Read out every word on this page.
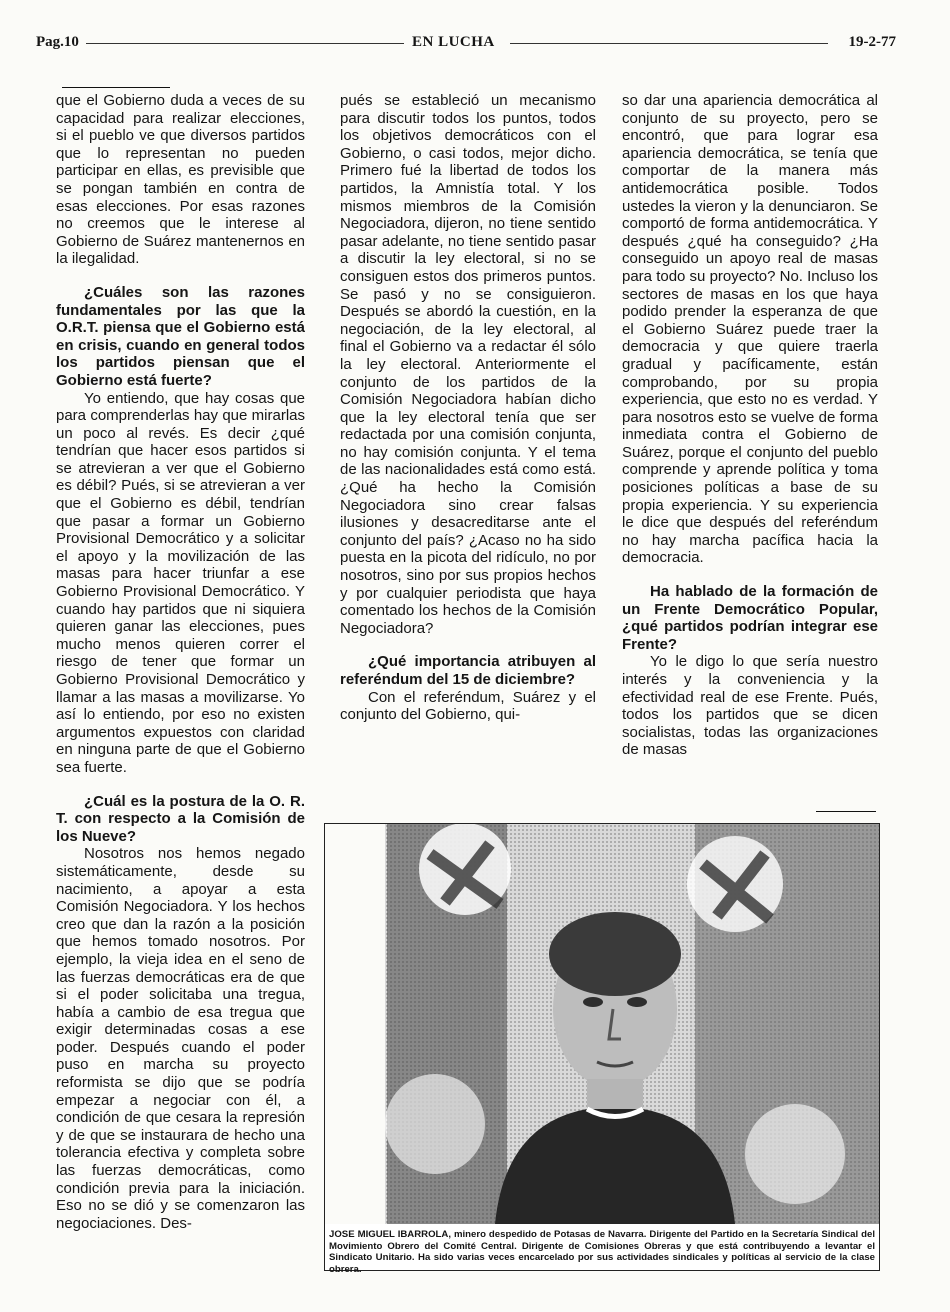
Pag.10	EN LUCHA	19-2-77

que el Gobierno duda a veces de su capacidad para realizar elecciones, si el pueblo ve que diversos partidos que lo representan no pueden participar en ellas, es previsible que se pongan también en contra de esas elecciones. Por esas razones no creemos que le interese al Gobierno de Suárez mantenernos en la ilegalidad.

¿Cuáles son las razones fundamentales por las que la O.R.T. piensa que el Gobierno está en crisis, cuando en general todos los partidos piensan que el Gobierno está fuerte?

Yo entiendo, que hay cosas que para comprenderlas hay que mirarlas un poco al revés. Es decir ¿qué tendrían que hacer esos partidos si se atrevieran a ver que el Gobierno es débil? Pués, si se atrevieran a ver que el Gobierno es débil, tendrían que pasar a formar un Gobierno Provisional Democrático y a solicitar el apoyo y la movilización de las masas para hacer triunfar a ese Gobierno Provisional Democrático. Y cuando hay partidos que ni siquiera quieren ganar las elecciones, pues mucho menos quieren correr el riesgo de tener que formar un Gobierno Provisional Democrático y llamar a las masas a movilizarse. Yo así lo entiendo, por eso no existen argumentos expuestos con claridad en ninguna parte de que el Gobierno sea fuerte.

¿Cuál es la postura de la O. R. T. con respecto a la Comisión de los Nueve?

Nosotros nos hemos negado sistemáticamente, desde su nacimiento, a apoyar a esta Comisión Negociadora. Y los hechos creo que dan la razón a la posición que hemos tomado nosotros. Por ejemplo, la vieja idea en el seno de las fuerzas democráticas era de que si el poder solicitaba una tregua, había a cambio de esa tregua que exigir determinadas cosas a ese poder. Después cuando el poder puso en marcha su proyecto reformista se dijo que se podría empezar a negociar con él, a condición de que cesara la represión y de que se instaurara de hecho una tolerancia efectiva y completa sobre las fuerzas democráticas, como condición previa para la iniciación. Eso no se dió y se comenzaron las negociaciones. Des-

pués se estableció un mecanismo para discutir todos los puntos, todos los objetivos democráticos con el Gobierno, o casi todos, mejor dicho. Primero fué la libertad de todos los partidos, la Amnistía total. Y los mismos miembros de la Comisión Negociadora, dijeron, no tiene sentido pasar adelante, no tiene sentido pasar a discutir la ley electoral, si no se consiguen estos dos primeros puntos. Se pasó y no se consiguieron. Después se abordó la cuestión, en la negociación, de la ley electoral, al final el Gobierno va a redactar él sólo la ley electoral. Anteriormente el conjunto de los partidos de la Comisión Negociadora habían dicho que la ley electoral tenía que ser redactada por una comisión conjunta, no hay comisión conjunta. Y el tema de las nacionalidades está como está. ¿Qué ha hecho la Comisión Negociadora sino crear falsas ilusiones y desacreditarse ante el conjunto del país? ¿Acaso no ha sido puesta en la picota del ridículo, no por nosotros, sino por sus propios hechos y por cualquier periodista que haya comentado los hechos de la Comisión Negociadora?

¿Qué importancia atribuyen al referéndum del 15 de diciembre?

Con el referéndum, Suárez y el conjunto del Gobierno, qui-

so dar una apariencia democrática al conjunto de su proyecto, pero se encontró, que para lograr esa apariencia democrática, se tenía que comportar de la manera más antidemocrática posible. Todos ustedes la vieron y la denunciaron. Se comportó de forma antidemocrática. Y después ¿qué ha conseguido? ¿Ha conseguido un apoyo real de masas para todo su proyecto? No. Incluso los sectores de masas en los que haya podido prender la esperanza de que el Gobierno Suárez puede traer la democracia y que quiere traerla gradual y pacíficamente, están comprobando, por su propia experiencia, que esto no es verdad. Y para nosotros esto se vuelve de forma inmediata contra el Gobierno de Suárez, porque el conjunto del pueblo comprende y aprende política y toma posiciones políticas a base de su propia experiencia. Y su experiencia le dice que después del referéndum no hay marcha pacífica hacia la democracia.

Ha hablado de la formación de un Frente Democrático Popular, ¿qué partidos podrían integrar ese Frente?

Yo le digo lo que sería nuestro interés y la conveniencia y la efectividad real de ese Frente. Pués, todos los partidos que se dicen socialistas, todas las organizaciones de masas

JOSE MIGUEL IBARROLA, minero despedido de Potasas de Navarra. Dirigente del Partido en la Secretaría Sindical del Movimiento Obrero del Comité Central. Dirigente de Comisiones Obreras y que está contribuyendo a levantar el Sindicato Unitario. Ha sido varias veces encarcelado por sus actividades sindicales y políticas al servicio de la clase obrera.
